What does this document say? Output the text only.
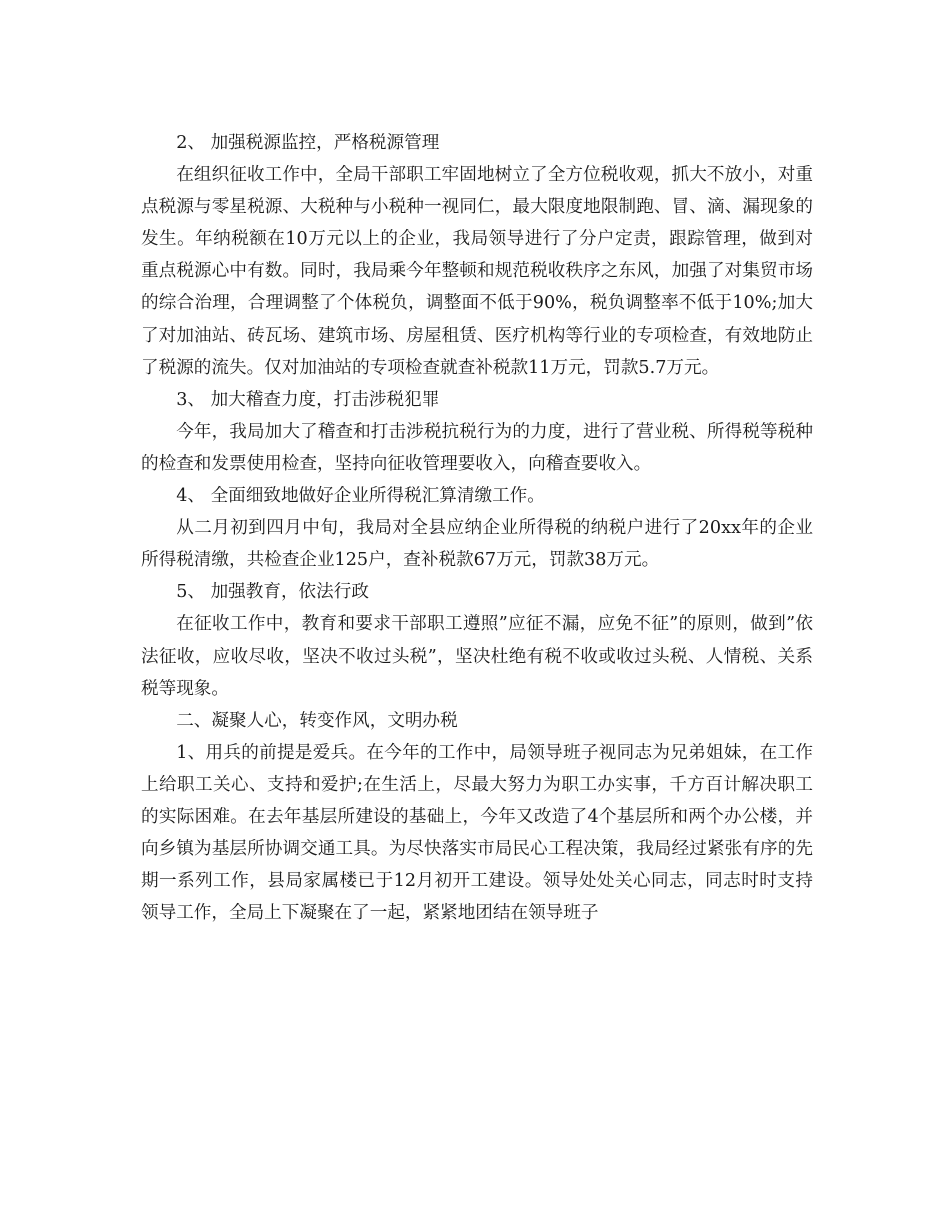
2、 加强税源监控，严格税源管理

在组织征收工作中，全局干部职工牢固地树立了全方位税收观，抓大不放小，对重点税源与零星税源、大税种与小税种一视同仁，最大限度地限制跑、冒、滴、漏现象的发生。年纳税额在10万元以上的企业，我局领导进行了分户定责，跟踪管理，做到对重点税源心中有数。同时，我局乘今年整顿和规范税收秩序之东风，加强了对集贸市场的综合治理，合理调整了个体税负，调整面不低于90%，税负调整率不低于10%;加大了对加油站、砖瓦场、建筑市场、房屋租赁、医疗机构等行业的专项检查，有效地防止了税源的流失。仅对加油站的专项检查就查补税款11万元，罚款5.7万元。

3、 加大稽查力度，打击涉税犯罪

今年，我局加大了稽查和打击涉税抗税行为的力度，进行了营业税、所得税等税种的检查和发票使用检查，坚持向征收管理要收入，向稽查要收入。

4、 全面细致地做好企业所得税汇算清缴工作。

从二月初到四月中旬，我局对全县应纳企业所得税的纳税户进行了20xx年的企业所得税清缴，共检查企业125户，查补税款67万元，罚款38万元。

5、 加强教育，依法行政

在征收工作中，教育和要求干部职工遵照”应征不漏，应免不征”的原则，做到”依法征收，应收尽收，坚决不收过头税”，坚决杜绝有税不收或收过头税、人情税、关系税等现象。

二、凝聚人心，转变作风，文明办税

1、用兵的前提是爱兵。在今年的工作中，局领导班子视同志为兄弟姐妹，在工作上给职工关心、支持和爱护;在生活上，尽最大努力为职工办实事，千方百计解决职工的实际困难。在去年基层所建设的基础上，今年又改造了4个基层所和两个办公楼，并向乡镇为基层所协调交通工具。为尽快落实市局民心工程决策，我局经过紧张有序的先期一系列工作，县局家属楼已于12月初开工建设。领导处处关心同志，同志时时支持领导工作，全局上下凝聚在了一起，紧紧地团结在领导班子
